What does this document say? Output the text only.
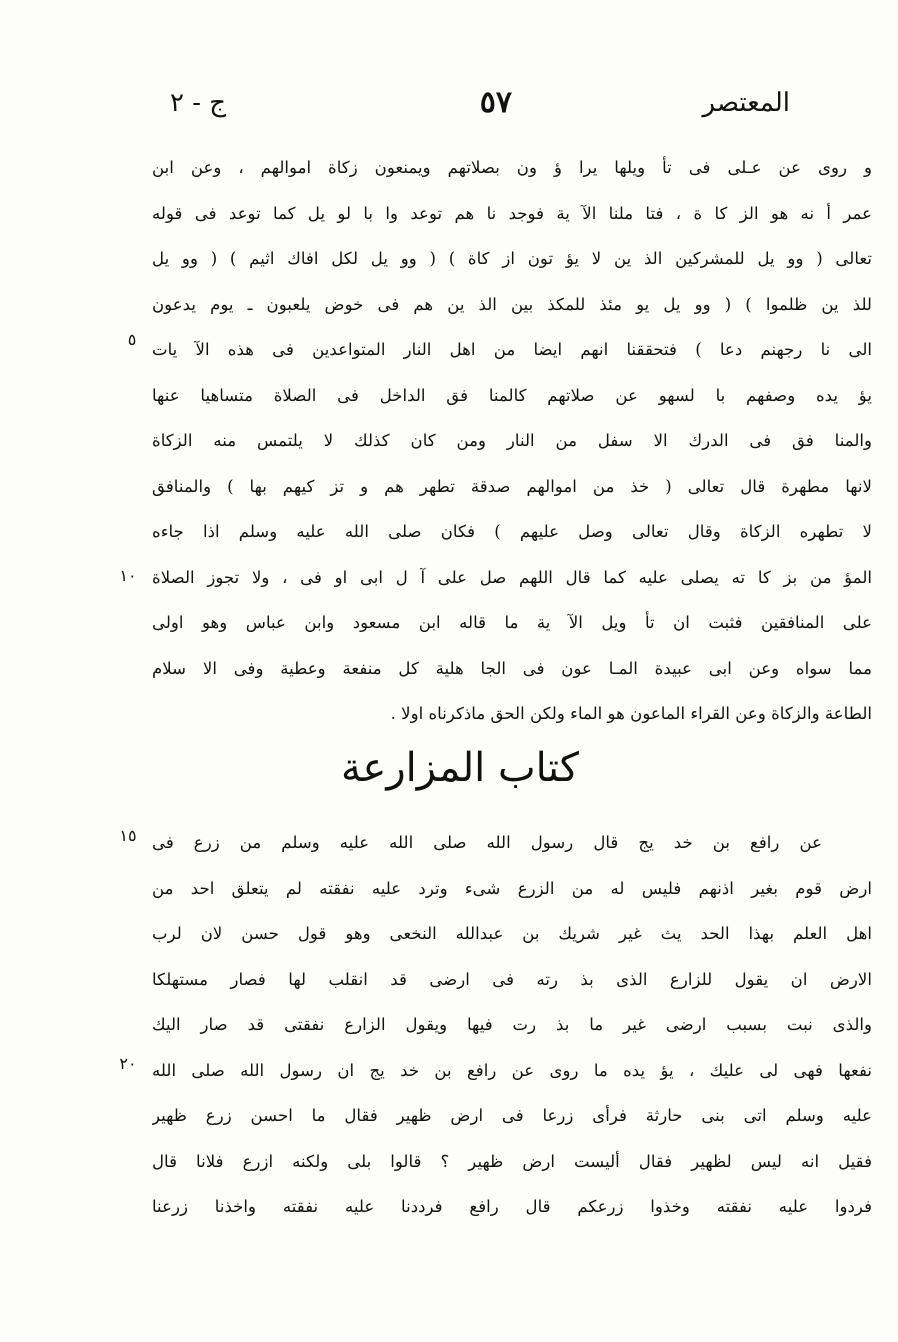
المعتصر
٥٧
ج - ٢
و روى عن عـلى فى تأ ويلها يرا ؤ ون بصلاتهم ويمنعون زكاة اموالهم ، وعن ابن
عمر أ نه هو الز كا ة ، فتا ملنا الآ ية فوجد نا هم توعد وا با لو يل كما توعد فى قوله
تعالى ( وو يل للمشركين الذ ين لا يؤ تون از كاة ) ( وو يل لكل افاك اثيم ) ( وو يل
للذ ين ظلموا ) ( وو يل يو مئذ للمكذ بين الذ ين هم فى خوض يلعبون ـ يوم يدعون
الى نا رجهنم دعا ) فتحققنا انهم ايضا من اهل النار المتواعدين فى هذه الآ يات
يؤ يده وصفهم با لسهو عن صلاتهم كالمنا فق الداخل فى الصلاة متساهيا عنها
والمنا فق فى الدرك الا سفل من النار ومن كان كذلك لا يلتمس منه الزكاة
لانها مطهرة قال تعالى ( خذ من اموالهم صدقة تطهر هم و تز كيهم بها ) والمنافق
لا تطهره الزكاة وقال تعالى وصل عليهم ) فكان صلى الله عليه وسلم اذا جاءه
المؤ من بز كا ته يصلى عليه كما قال اللهم صل على آ ل ابى او فى ، ولا تجوز الصلاة
على المنافقين فثبت ان تأ ويل الآ ية ما قاله ابن مسعود وابن عباس وهو اولى
مما سواه وعن ابى عبيدة المـا عون فى الجا هلية كل منفعة وعطية وفى الا سلام
الطاعة والزكاة وعن القراء الماعون هو الماء ولكن الحق ماذكرناه اولا .
كتاب المزارعة
عن رافع بن خد يج قال رسول الله صلى الله عليه وسلم من زرع فى
ارض قوم بغير اذنهم فليس له من الزرع شىء وترد عليه نفقته لم يتعلق احد من
اهل العلم بهذا الحد يث غير شريك بن عبدالله النخعى وهو قول حسن لان لرب
الارض ان يقول للزارع الذى بذ رته فى ارضى قد انقلب لها فصار مستهلكا
والذى نبت بسبب ارضى غير ما بذ رت فيها ويقول الزارع نفقتى قد صار اليك
نفعها فهى لى عليك ، يؤ يده ما روى عن رافع بن خد يج ان رسول الله صلى الله
عليه وسلم اتى بنى حارثة فرأى زرعا فى ارض ظهير فقال ما احسن زرع ظهير
فقيل انه ليس لظهير فقال أليست ارض ظهير ؟ قالوا بلى ولكنه ازرع فلانا قال
فردوا عليه نفقته وخذوا زرعكم قال رافع فرددنا عليه نفقته واخذنا زرعنا
٥
١٠
١٥
٢٠
